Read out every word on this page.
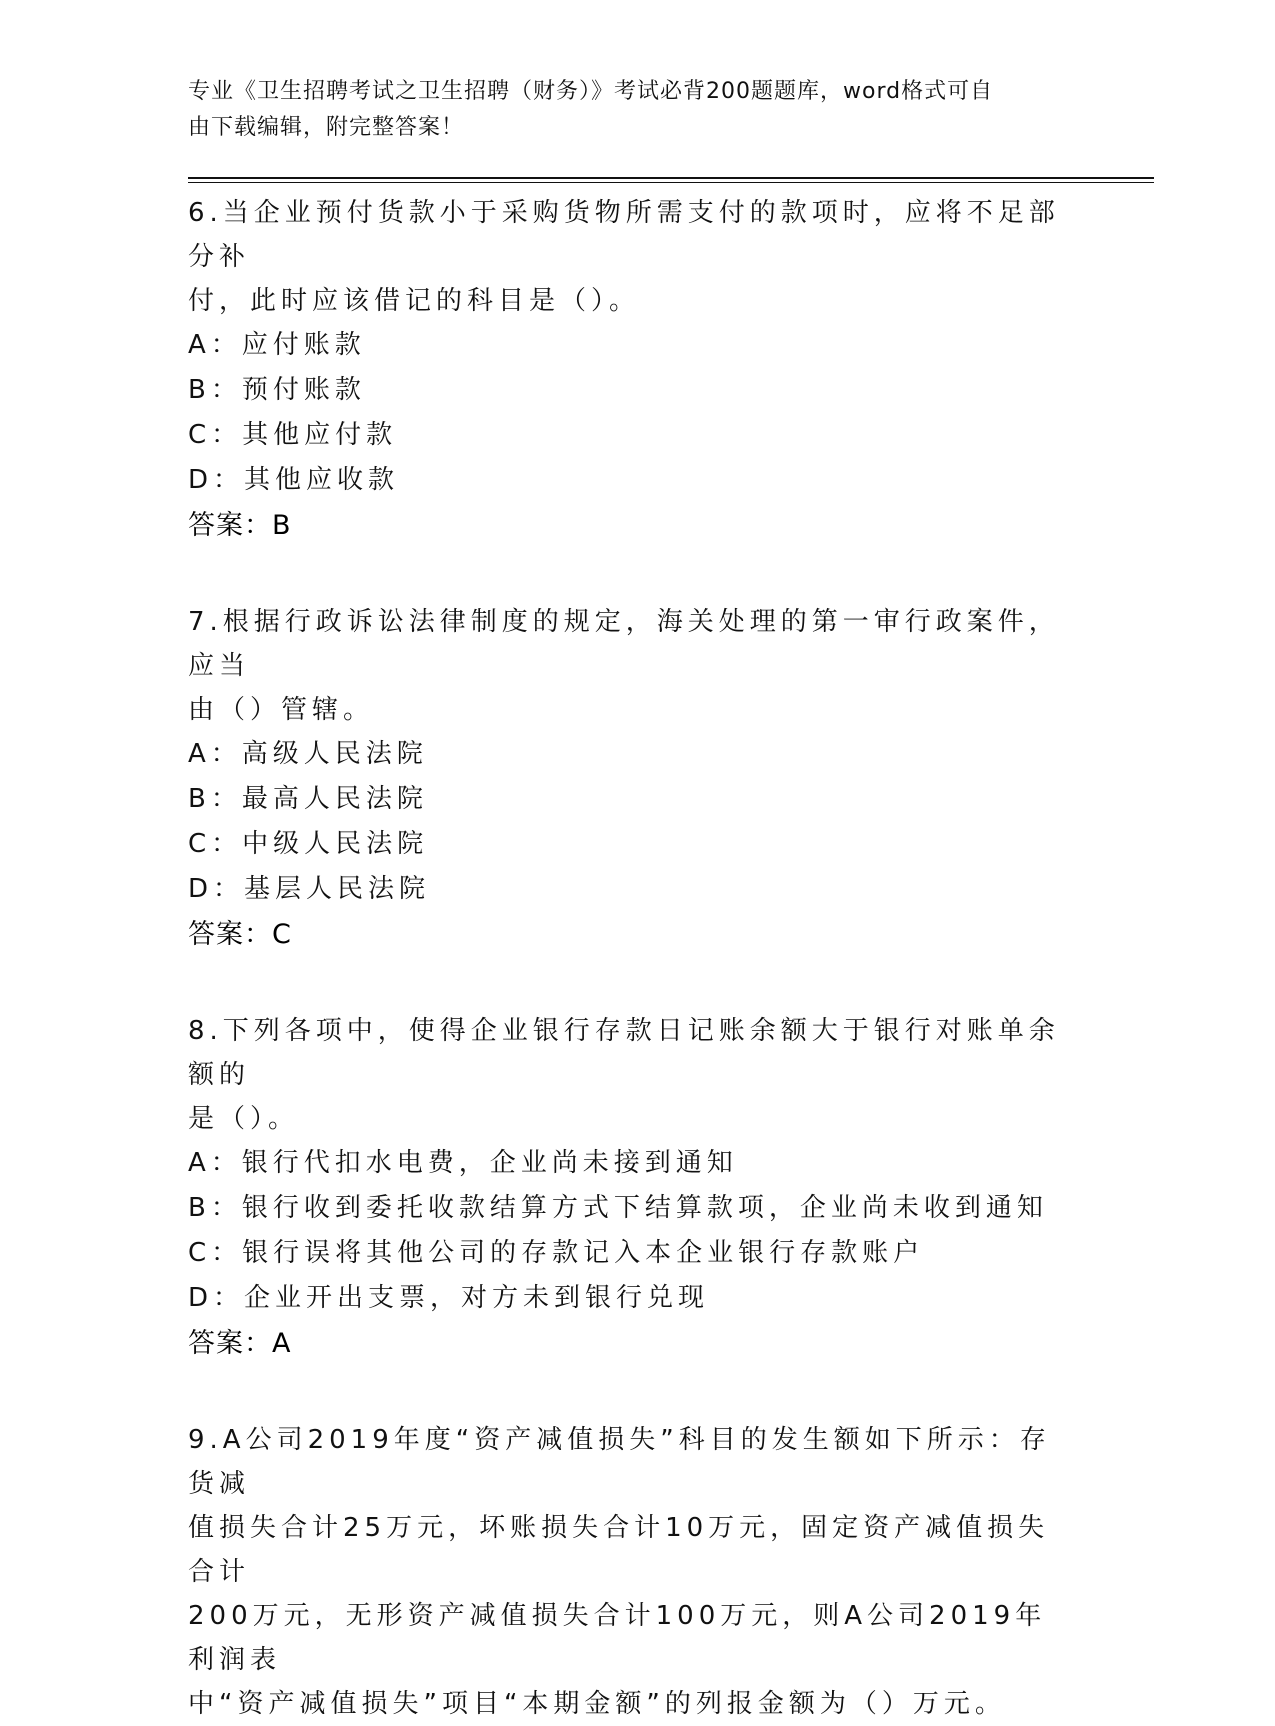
专业《卫生招聘考试之卫生招聘（财务）》考试必背200题题库，word格式可自
由下载编辑，附完整答案！
6.当企业预付货款小于采购货物所需支付的款项时，应将不足部分补
付，此时应该借记的科目是（）。
A：应付账款
B：预付账款
C：其他应付款
D：其他应收款
答案：B
7.根据行政诉讼法律制度的规定，海关处理的第一审行政案件，应当
由（）管辖。
A：高级人民法院
B：最高人民法院
C：中级人民法院
D：基层人民法院
答案：C
8.下列各项中，使得企业银行存款日记账余额大于银行对账单余额的
是（）。
A：银行代扣水电费，企业尚未接到通知
B：银行收到委托收款结算方式下结算款项，企业尚未收到通知
C：银行误将其他公司的存款记入本企业银行存款账户
D：企业开出支票，对方未到银行兑现
答案：A
9.A公司2019年度“资产减值损失”科目的发生额如下所示：存货减
值损失合计25万元，坏账损失合计10万元，固定资产减值损失合计
200万元，无形资产减值损失合计100万元，则A公司2019年利润表
中“资产减值损失”项目“本期金额”的列报金额为（）万元。
